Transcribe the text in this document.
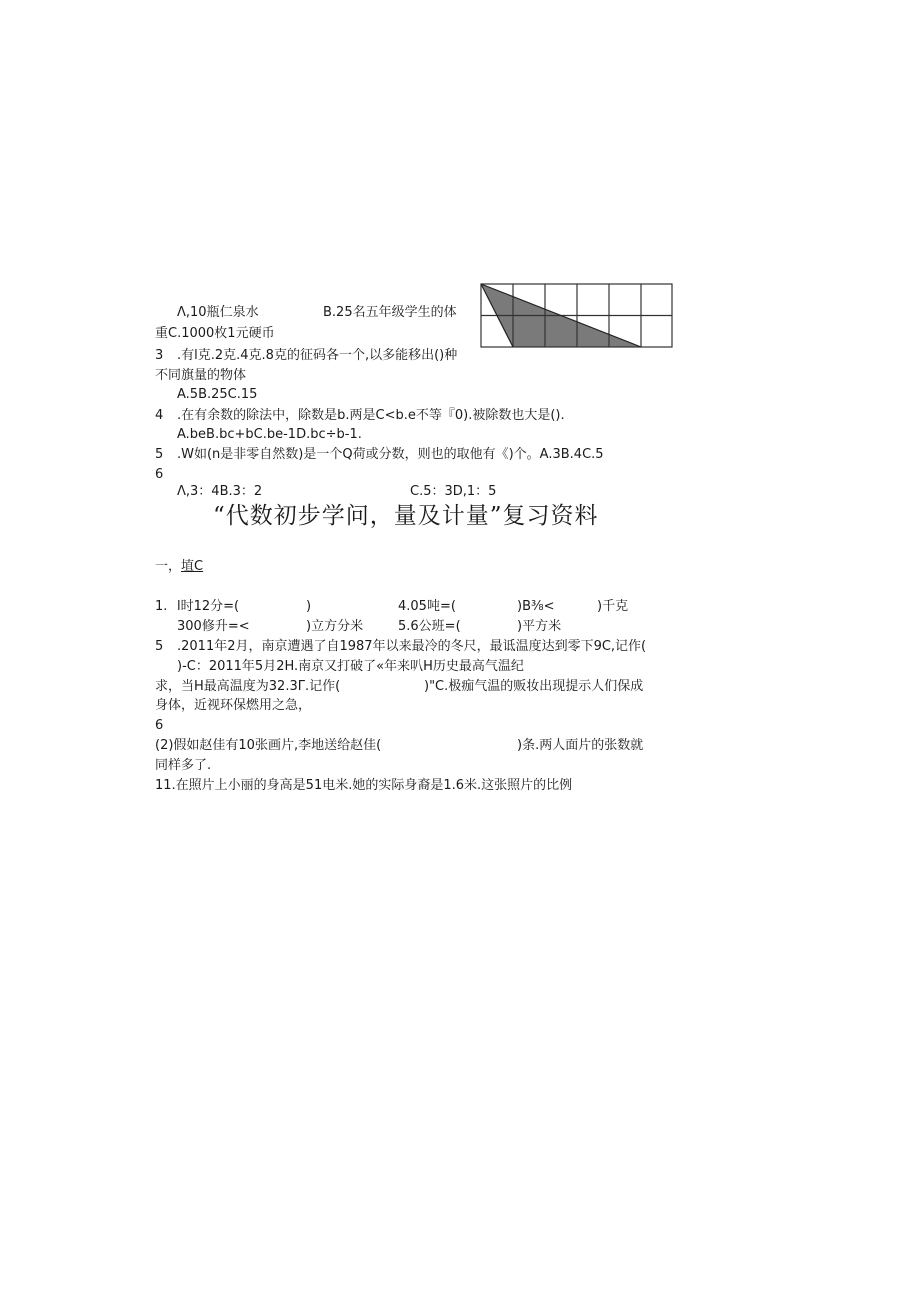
Λ,10瓶仁泉水	B.25名五年级学生的体
重C.1000枚1元硬币
3 .有l克.2克.4克.8克的征码各一个,以多能移出()种
不同旗量的物体
A.5B.25C.15
4 .在有余数的除法中，除数是b.两是C<b.e不等『0).被除数也大是().
A.beB.bc+bC.be-1D.bc÷b-1.
5 .W如(n是非零自然数)是一个Q荷或分数，则也的取他有《)个。A.3B.4C.5
6
Λ,3：4B.3：2	C.5：3D,1：5
“代数初步学问，量及计量”复习资料
一，埴C
1. l时12分=(	)	4.05吨=(	)B⅜<	)千克
300修升=<	)立方分米	5.6公班=(	)平方米
5 .2011年2月，南京遭遇了自1987年以来最冷的冬尺，最诋温度达到零下9C,记作(
)-C：2011年5月2H.南京又打破了«年来叭H历史最高气温纪
求，当H最高温度为32.3Γ.记作(	)"C.极痂气温的贩妆出现提示人们保成
身体，近视环保燃用之急，
6
(2)假如赵佳有10张画片,李地送给赵佳(	)条.两人面片的张数就
同样多了.
11.在照片上小丽的身高是51电米.她的实际身裔是1.6米.这张照片的比例
